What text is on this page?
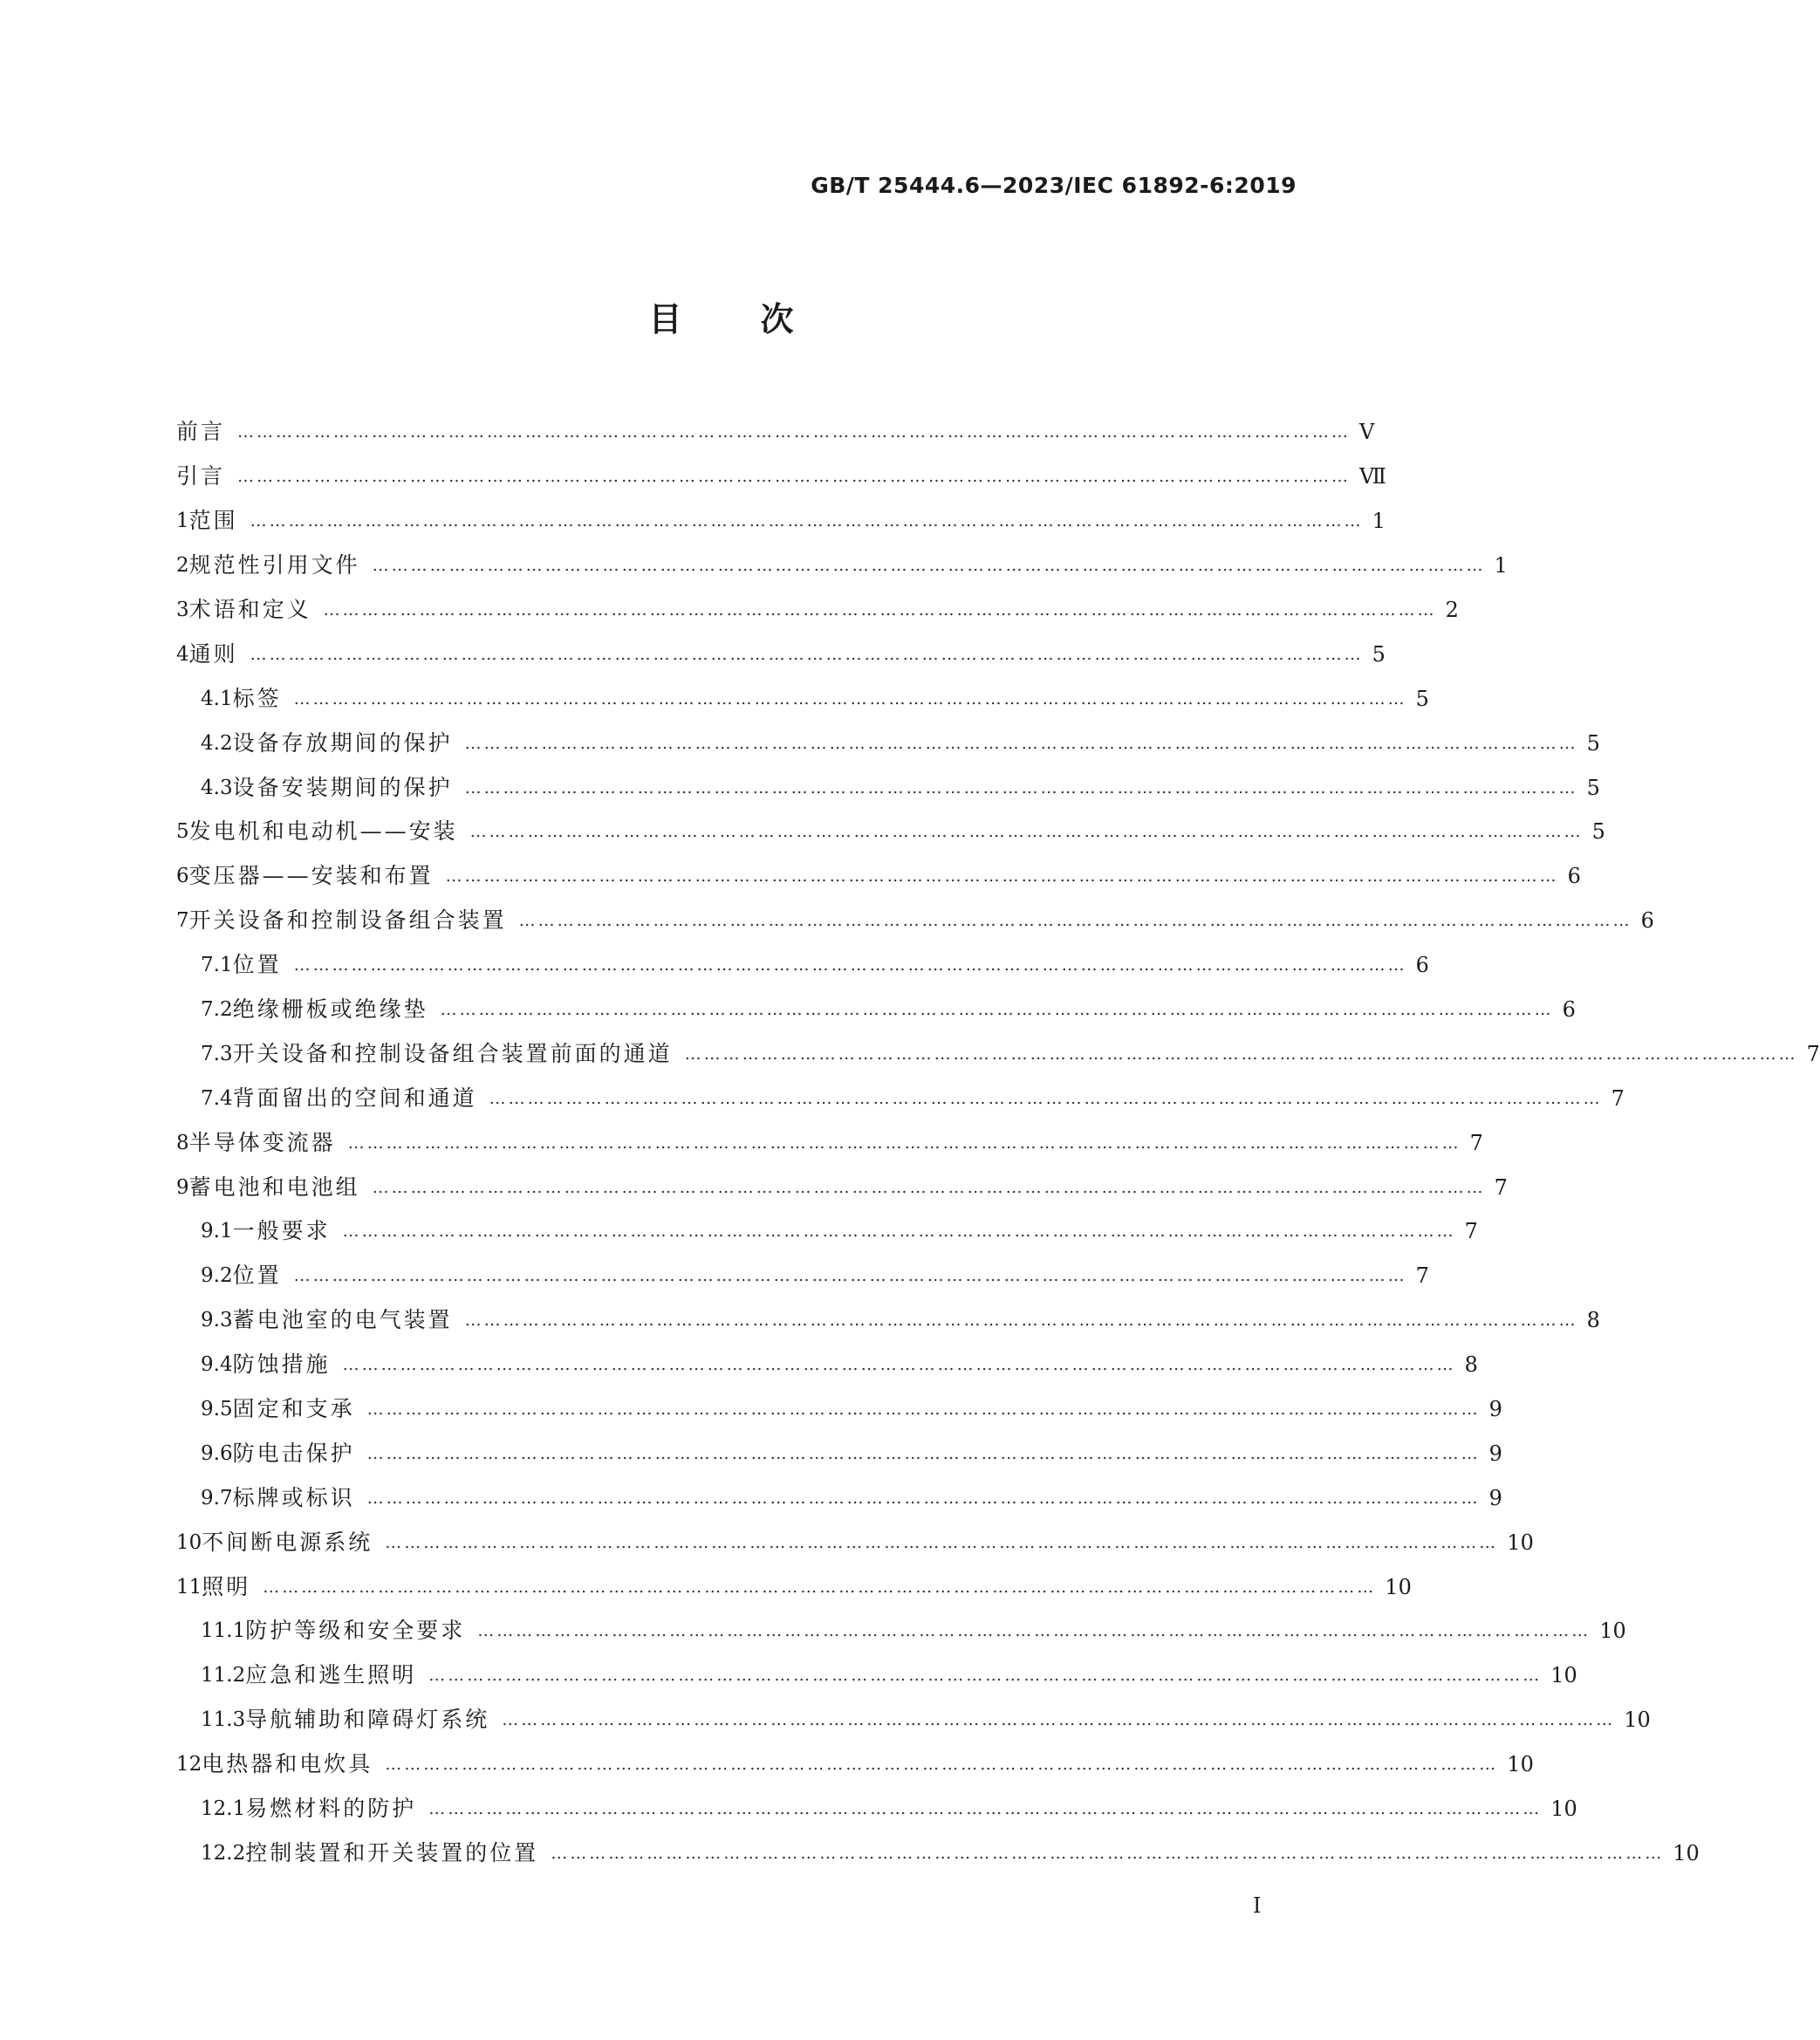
GB/T 25444.6—2023/IEC 61892-6:2019
目次
前言 ………………………………………………………………………………………………………………………………………………………… Ⅴ
引言 ………………………………………………………………………………………………………………………………………………………… Ⅶ
1 范围 ………………………………………………………………………………………………………………………………………………………… 1
2 规范性引用文件 ………………………………………………………………………………………………………………………………………………………… 1
3 术语和定义 ………………………………………………………………………………………………………………………………………………………… 2
4 通则 ………………………………………………………………………………………………………………………………………………………… 5
4.1 标签 ………………………………………………………………………………………………………………………………………………………… 5
4.2 设备存放期间的保护 ………………………………………………………………………………………………………………………………………………………… 5
4.3 设备安装期间的保护 ………………………………………………………………………………………………………………………………………………………… 5
5 发电机和电动机——安装 ………………………………………………………………………………………………………………………………………………………… 5
6 变压器——安装和布置 ………………………………………………………………………………………………………………………………………………………… 6
7 开关设备和控制设备组合装置 ………………………………………………………………………………………………………………………………………………………… 6
7.1 位置 ………………………………………………………………………………………………………………………………………………………… 6
7.2 绝缘栅板或绝缘垫 ………………………………………………………………………………………………………………………………………………………… 6
7.3 开关设备和控制设备组合装置前面的通道 ………………………………………………………………………………………………………………………………………………………… 7
7.4 背面留出的空间和通道 ………………………………………………………………………………………………………………………………………………………… 7
8 半导体变流器 ………………………………………………………………………………………………………………………………………………………… 7
9 蓄电池和电池组 ………………………………………………………………………………………………………………………………………………………… 7
9.1 一般要求 ………………………………………………………………………………………………………………………………………………………… 7
9.2 位置 ………………………………………………………………………………………………………………………………………………………… 7
9.3 蓄电池室的电气装置 ………………………………………………………………………………………………………………………………………………………… 8
9.4 防蚀措施 ………………………………………………………………………………………………………………………………………………………… 8
9.5 固定和支承 ………………………………………………………………………………………………………………………………………………………… 9
9.6 防电击保护 ………………………………………………………………………………………………………………………………………………………… 9
9.7 标牌或标识 ………………………………………………………………………………………………………………………………………………………… 9
10 不间断电源系统 ………………………………………………………………………………………………………………………………………………………… 10
11 照明 ………………………………………………………………………………………………………………………………………………………… 10
11.1 防护等级和安全要求 ………………………………………………………………………………………………………………………………………………………… 10
11.2 应急和逃生照明 ………………………………………………………………………………………………………………………………………………………… 10
11.3 导航辅助和障碍灯系统 ………………………………………………………………………………………………………………………………………………………… 10
12 电热器和电炊具 ………………………………………………………………………………………………………………………………………………………… 10
12.1 易燃材料的防护 ………………………………………………………………………………………………………………………………………………………… 10
12.2 控制装置和开关装置的位置 ………………………………………………………………………………………………………………………………………………………… 10
I
